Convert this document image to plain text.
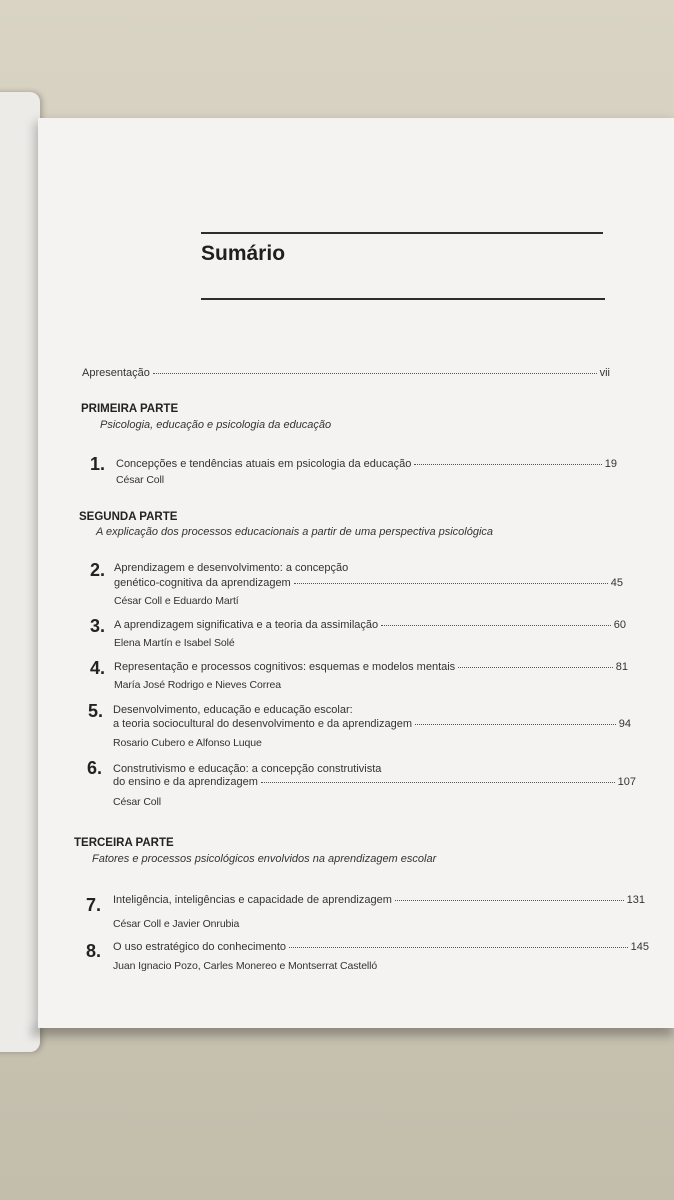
Sumário
Apresentação	vii
PRIMEIRA PARTE
Psicologia, educação e psicologia da educação
1. Concepções e tendências atuais em psicologia da educação	19
César Coll
SEGUNDA PARTE
A explicação dos processos educacionais a partir de uma perspectiva psicológica
2. Aprendizagem e desenvolvimento: a concepção
genético-cognitiva da aprendizagem	45
César Coll e Eduardo Martí
3. A aprendizagem significativa e a teoria da assimilação	60
Elena Martín e Isabel Solé
4. Representação e processos cognitivos: esquemas e modelos mentais	81
María José Rodrigo e Nieves Correa
5. Desenvolvimento, educação e educação escolar:
a teoria sociocultural do desenvolvimento e da aprendizagem	94
Rosario Cubero e Alfonso Luque
6. Construtivismo e educação: a concepção construtivista
do ensino e da aprendizagem	107
César Coll
TERCEIRA PARTE
Fatores e processos psicológicos envolvidos na aprendizagem escolar
7. Inteligência, inteligências e capacidade de aprendizagem	131
César Coll e Javier Onrubia
8. O uso estratégico do conhecimento	145
Juan Ignacio Pozo, Carles Monereo e Montserrat Castelló
